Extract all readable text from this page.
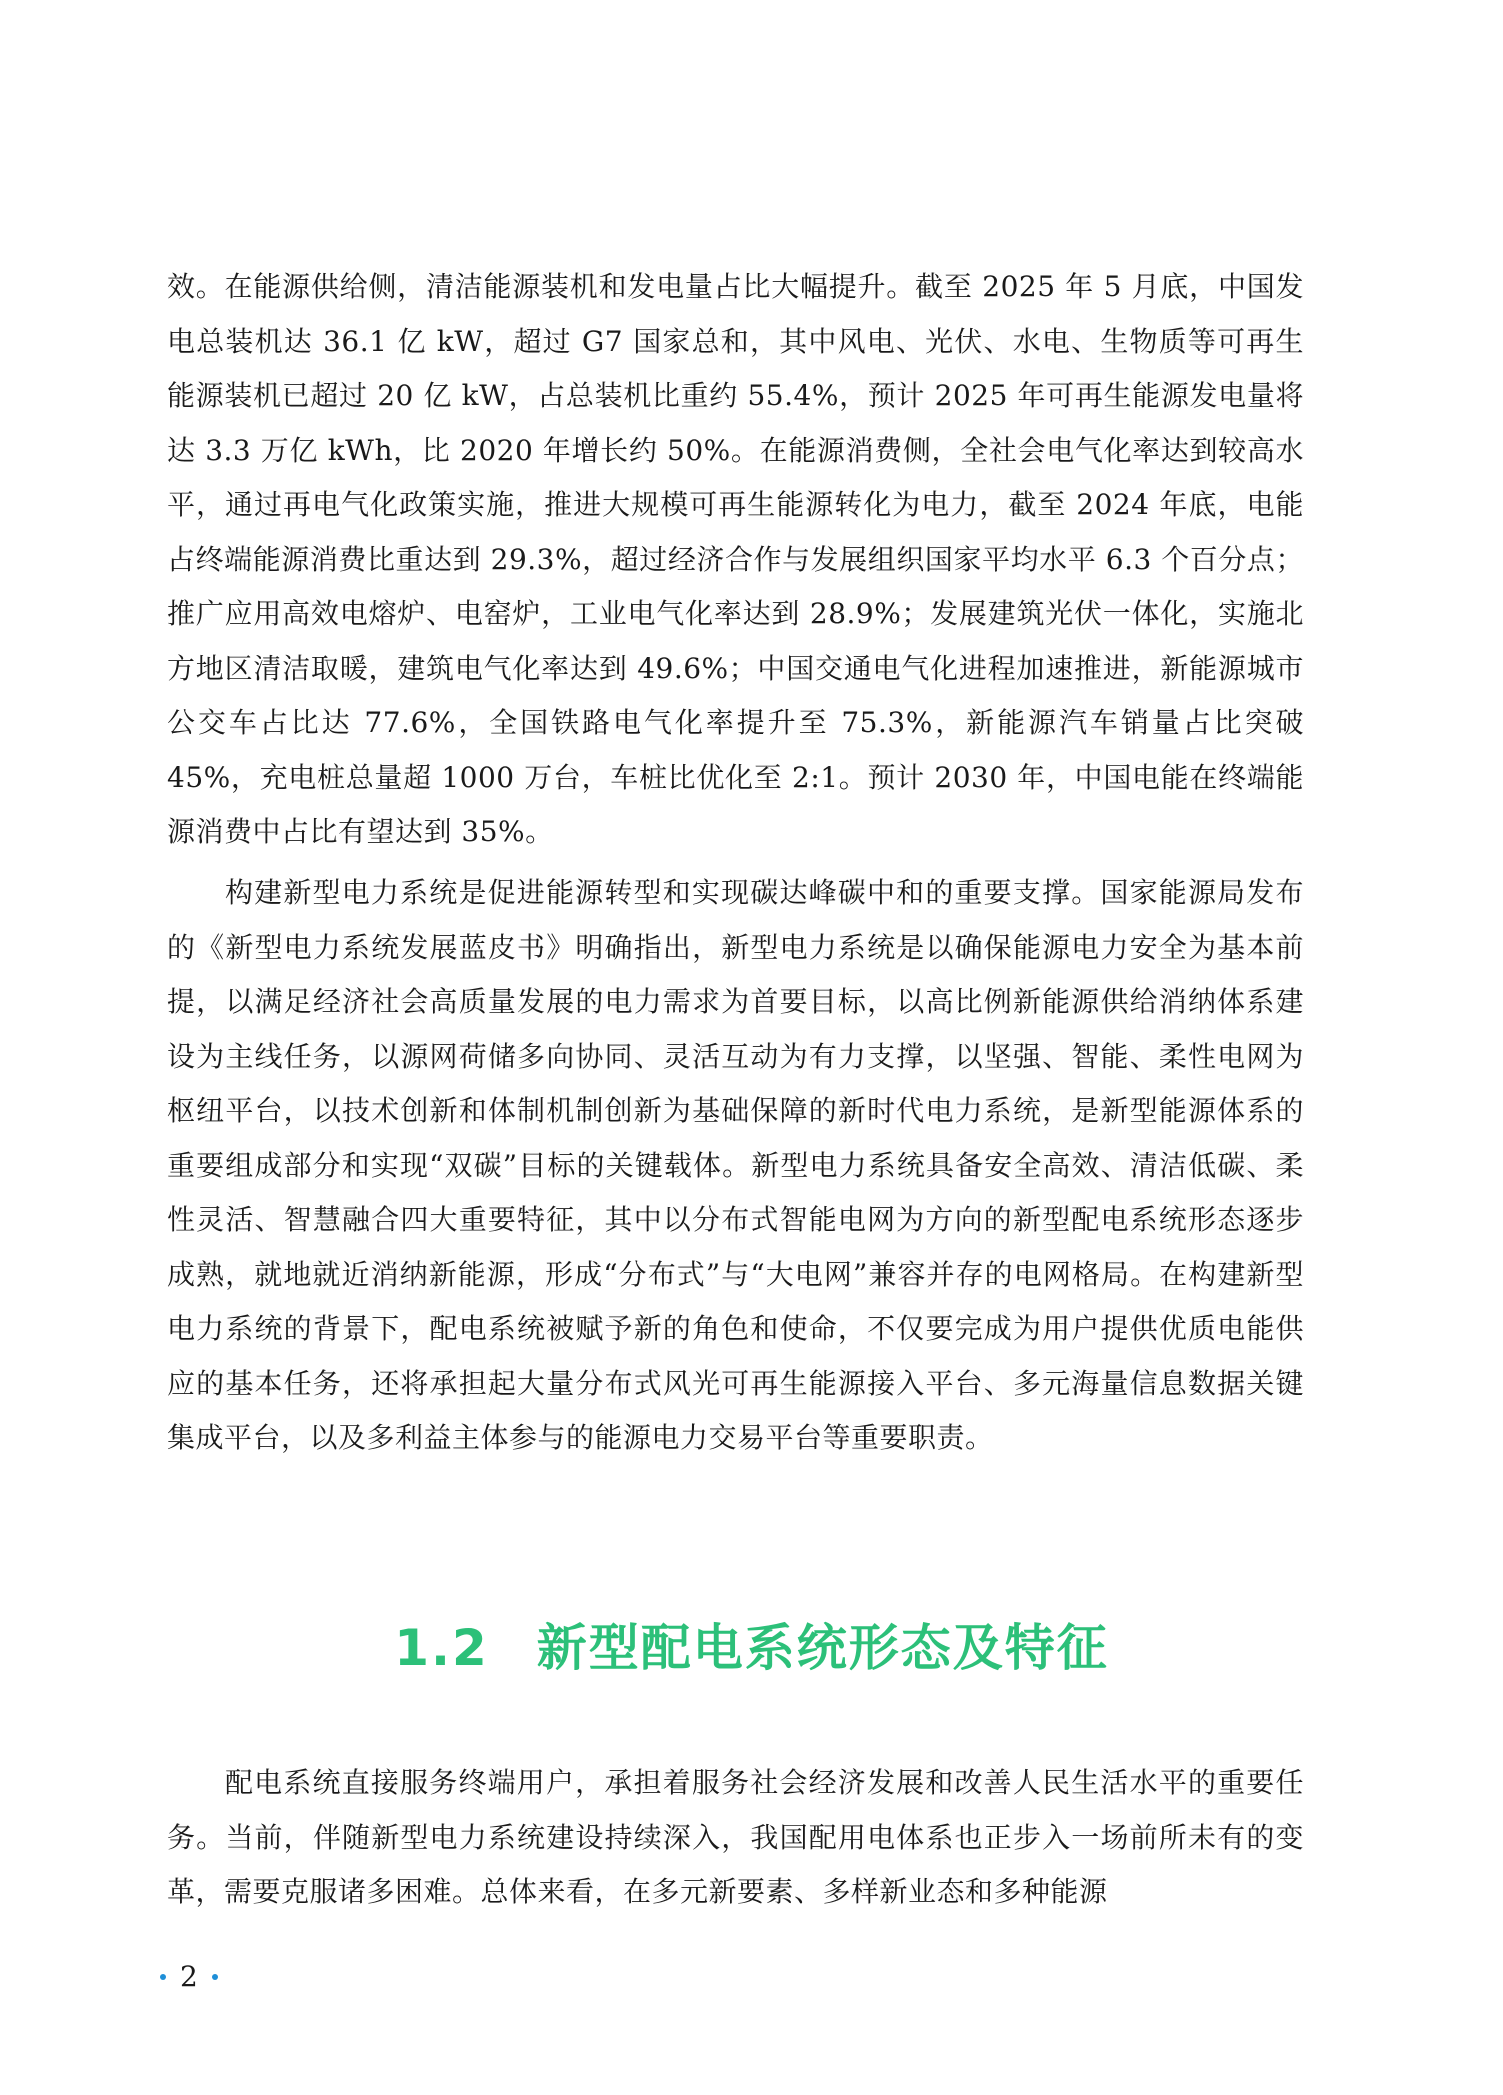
效。在能源供给侧，清洁能源装机和发电量占比大幅提升。截至 2025 年 5 月底，中国发电总装机达 36.1 亿 kW，超过 G7 国家总和，其中风电、光伏、水电、生物质等可再生能源装机已超过 20 亿 kW，占总装机比重约 55.4%，预计 2025 年可再生能源发电量将达 3.3 万亿 kWh，比 2020 年增长约 50%。在能源消费侧，全社会电气化率达到较高水平，通过再电气化政策实施，推进大规模可再生能源转化为电力，截至 2024 年底，电能占终端能源消费比重达到 29.3%，超过经济合作与发展组织国家平均水平 6.3 个百分点；推广应用高效电熔炉、电窑炉，工业电气化率达到 28.9%；发展建筑光伏一体化，实施北方地区清洁取暖，建筑电气化率达到 49.6%；中国交通电气化进程加速推进，新能源城市公交车占比达 77.6%，全国铁路电气化率提升至 75.3%，新能源汽车销量占比突破 45%，充电桩总量超 1000 万台，车桩比优化至 2:1。预计 2030 年，中国电能在终端能源消费中占比有望达到 35%。

构建新型电力系统是促进能源转型和实现碳达峰碳中和的重要支撑。国家能源局发布的《新型电力系统发展蓝皮书》明确指出，新型电力系统是以确保能源电力安全为基本前提，以满足经济社会高质量发展的电力需求为首要目标，以高比例新能源供给消纳体系建设为主线任务，以源网荷储多向协同、灵活互动为有力支撑，以坚强、智能、柔性电网为枢纽平台，以技术创新和体制机制创新为基础保障的新时代电力系统，是新型能源体系的重要组成部分和实现“双碳”目标的关键载体。新型电力系统具备安全高效、清洁低碳、柔性灵活、智慧融合四大重要特征，其中以分布式智能电网为方向的新型配电系统形态逐步成熟，就地就近消纳新能源，形成“分布式”与“大电网”兼容并存的电网格局。在构建新型电力系统的背景下，配电系统被赋予新的角色和使命，不仅要完成为用户提供优质电能供应的基本任务，还将承担起大量分布式风光可再生能源接入平台、多元海量信息数据关键集成平台，以及多利益主体参与的能源电力交易平台等重要职责。

1.2 新型配电系统形态及特征

配电系统直接服务终端用户，承担着服务社会经济发展和改善人民生活水平的重要任务。当前，伴随新型电力系统建设持续深入，我国配用电体系也正步入一场前所未有的变革，需要克服诸多困难。总体来看，在多元新要素、多样新业态和多种能源

2
